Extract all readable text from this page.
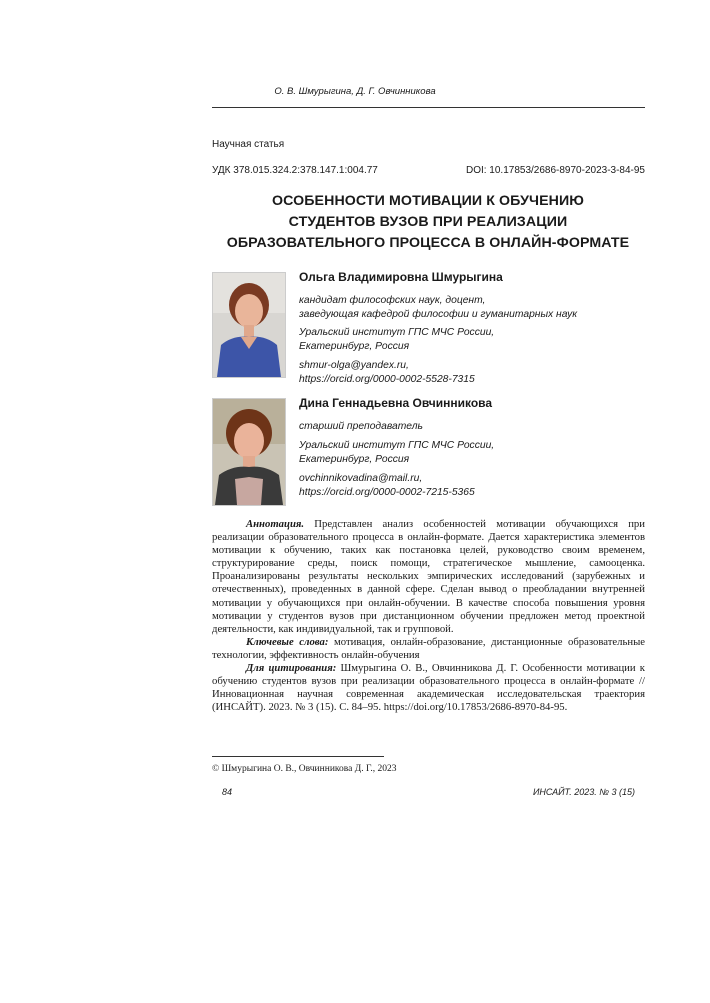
О. В. Шмурыгина, Д. Г. Овчинникова
Научная статья
УДК 378.015.324.2:378.147.1:004.77	DOI: 10.17853/2686-8970-2023-3-84-95
ОСОБЕННОСТИ МОТИВАЦИИ К ОБУЧЕНИЮ
СТУДЕНТОВ ВУЗОВ ПРИ РЕАЛИЗАЦИИ
ОБРАЗОВАТЕЛЬНОГО ПРОЦЕССА В ОНЛАЙН-ФОРМАТЕ
Ольга Владимировна Шмурыгина
кандидат философских наук, доцент,
заведующая кафедрой философии и гуманитарных наук
Уральский институт ГПС МЧС России,
Екатеринбург, Россия
shmur-olga@yandex.ru,
https://orcid.org/0000-0002-5528-7315
Дина Геннадьевна Овчинникова
старший преподаватель
Уральский институт ГПС МЧС России,
Екатеринбург, Россия
ovchinnikovadina@mail.ru,
https://orcid.org/0000-0002-7215-5365

Аннотация. Представлен анализ особенностей мотивации обучающихся при реализации образовательного процесса в онлайн-формате. Дается характеристика элементов мотивации к обучению, таких как постановка целей, руководство своим временем, структурирование среды, поиск помощи, стратегическое мышление, самооценка. Проанализированы результаты нескольких эмпирических исследований (зарубежных и отечественных), проведенных в данной сфере. Сделан вывод о преобладании внутренней мотивации у обучающихся при онлайн-обучении. В качестве способа повышения уровня мотивации у студентов вузов при дистанционном обучении предложен метод проектной деятельности, как индивидуальной, так и групповой.

Ключевые слова: мотивация, онлайн-образование, дистанционные образовательные технологии, эффективность онлайн-обучения

Для цитирования: Шмурыгина О. В., Овчинникова Д. Г. Особенности мотивации к обучению студентов вузов при реализации образовательного процесса в онлайн-формате // Инновационная научная современная академическая исследовательская траектория (ИНСАЙТ). 2023. № 3 (15). С. 84–95. https://doi.org/10.17853/2686-8970-84-95.

© Шмурыгина О. В., Овчинникова Д. Г., 2023
84	ИНСАЙТ. 2023. № 3 (15)
